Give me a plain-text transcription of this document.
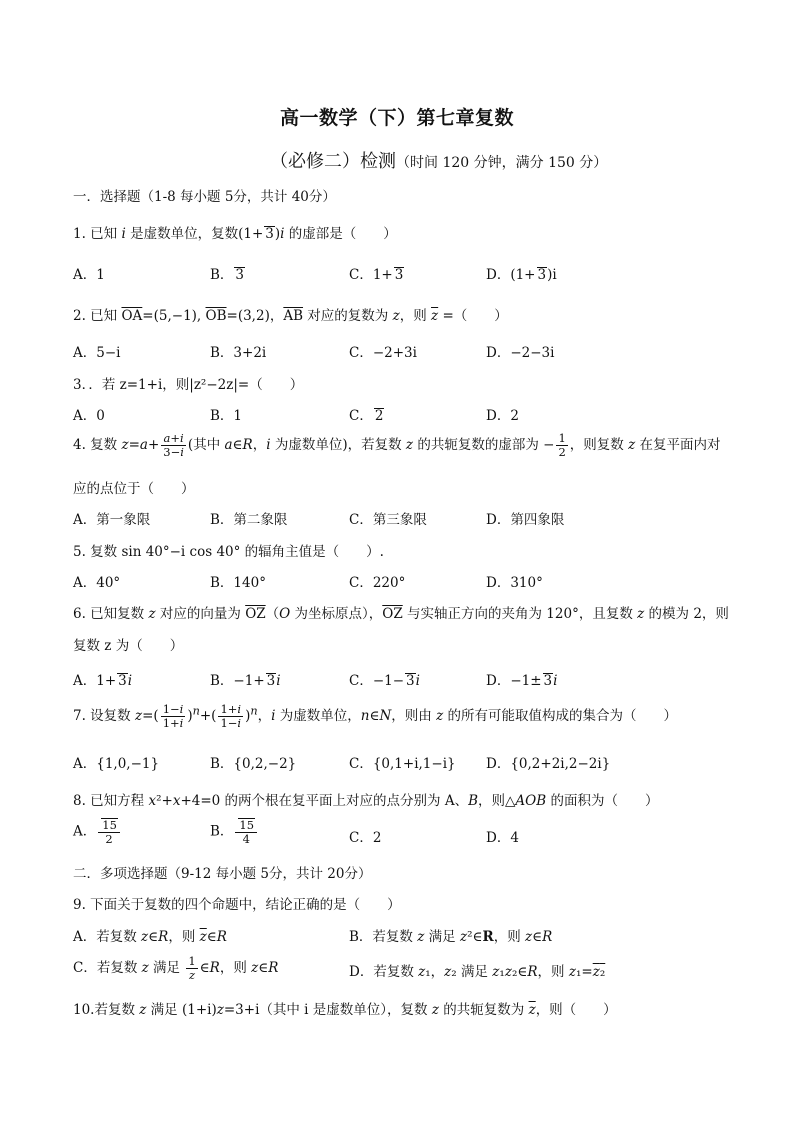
高一数学（下）第七章复数
（必修二）检测（时间 120 分钟，满分 150 分）
一．选择题（1-8 每小题 5分，共计 40分）
1. 已知 i 是虚数单位，复数(1+ 3)i 的虚部是（　　）
A．1	B． 3	C．1+ 3	D．(1+ 3)i
2. 已知 $\overline{OA}=(5,-1)$, $\overline{OB}=(3,2)$，$\overline{AB}$ 对应的复数为 z，则 $\overline{z}$ =（　　）
A．5−i	B．3+2i	C．−2+3i	D．−2−3i
3．．若 z=1+i，则|z²−2z|=（　　）
A．0	B．1	C． 2	D．2
4. 复数 $z=a+ \frac{a+i}{3-i}$ (其中 a∈R，i 为虚数单位)，若复数 z 的共轭复数的虚部为 − $\frac{1}{2}$ ，则复数 z 在复平面内对
应的点位于（　　）
A．第一象限	B．第二象限	C．第三象限	D．第四象限
5. 复数 sin 40°−i cos 40° 的辐角主值是（　　）.
A．40°	B．140°	C．220°	D．310°
6. 已知复数 z 对应的向量为 $\overline{OZ}(O$ 为坐标原点），$\overline{OZ}$ 与实轴正方向的夹角为 120°，且复数 z 的模为 2，则
复数 z 为（　　）
A．1+ 3i	B．−1+ 3i	C．−1− 3i	D．−1± 3i
7. 设复数 $z=( \frac{1-i}{1+i} )^n+( \frac{1+i}{1-i} )^n$，i 为虚数单位，n∈N，则由 z 的所有可能取值构成的集合为（　　）
A．{1,0,−1}	B．{0,2,−2}	C．{0,1+i,1−i} D．{0,2+2i,2−2i}
8. 已知方程 x²+x+4=0 的两个根在复平面上对应的点分别为 A、B，则△AOB 的面积为（　　）
A． $\frac{15}{2}$	B． $\frac{15}{4}$	C．2	D．4
二．多项选择题（9-12 每小题 5分，共计 20分）
9. 下面关于复数的四个命题中，结论正确的是（　　）
A．若复数 z∈R，则 $\overline{z}\in R$	B．若复数 z 满足 z²∈R，则 z∈R
C．若复数 z 满足 $\frac{1}{z}$ ∈R，则 z∈R	D．若复数 z₁，z₂ 满足 z₁z₂∈R，则 z₁=z₂
10.若复数 z 满足 (1+i)z=3+i（其中 i 是虚数单位），复数 z 的共轭复数为 $\overline{z}$，则（　　）
